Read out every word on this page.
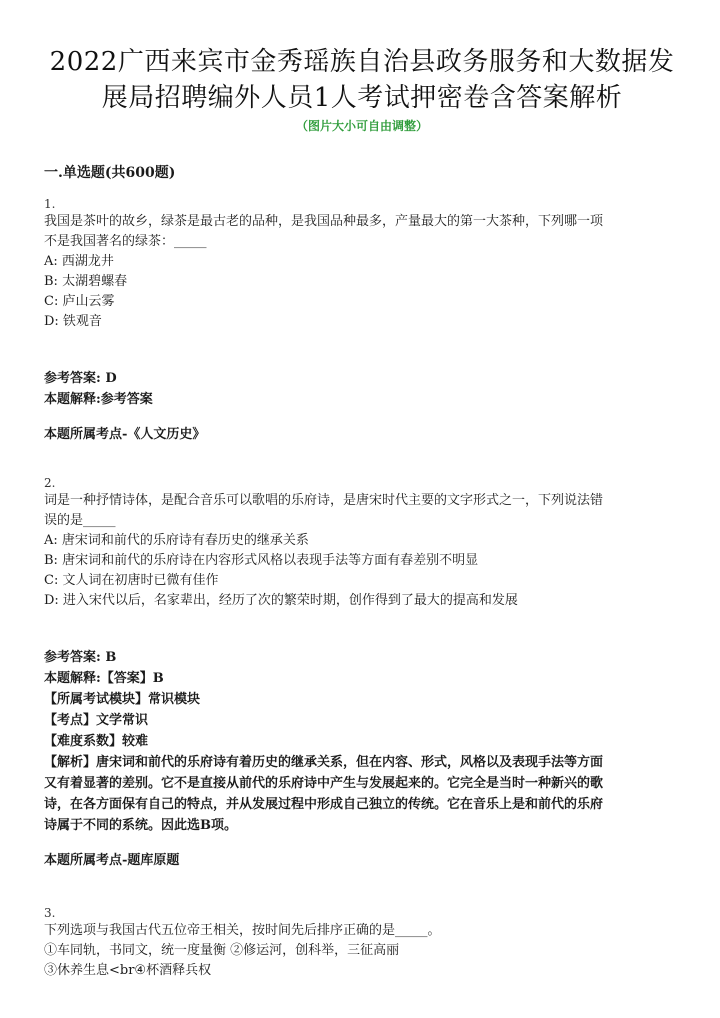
2022广西来宾市金秀瑶族自治县政务服务和大数据发
展局招聘编外人员1人考试押密卷含答案解析
（图片大小可自由调整）
一.单选题(共600题)
1.
我国是茶叶的故乡，绿茶是最古老的品种，是我国品种最多，产量最大的第一大茶种，下列哪一项
不是我国著名的绿茶：_____
A: 西湖龙井
B: 太湖碧螺春
C: 庐山云雾
D: 铁观音
参考答案: D
本题解释:参考答案
本题所属考点-《人文历史》
2.
词是一种抒情诗体，是配合音乐可以歌唱的乐府诗，是唐宋时代主要的文字形式之一，下列说法错
误的是_____
A: 唐宋词和前代的乐府诗有春历史的继承关系
B: 唐宋词和前代的乐府诗在内容形式风格以表现手法等方面有春差别不明显
C: 文人词在初唐时已微有佳作
D: 进入宋代以后，名家辈出，经历了次的繁荣时期，创作得到了最大的提高和发展
参考答案: B
本题解释:【答案】B
【所属考试模块】常识模块
【考点】文学常识
【难度系数】较难
【解析】唐宋词和前代的乐府诗有着历史的继承关系，但在内容、形式，风格以及表现手法等方面
又有着显著的差别。它不是直接从前代的乐府诗中产生与发展起来的。它完全是当时一种新兴的歌
诗，在各方面保有自己的特点，并从发展过程中形成自己独立的传统。它在音乐上是和前代的乐府
诗属于不同的系统。因此选B项。
本题所属考点-题库原题
3.
下列选项与我国古代五位帝王相关，按时间先后排序正确的是_____。
①车同轨，书同文，统一度量衡 ②修运河，创科举，三征高丽
③休养生息<br④杯酒释兵权
